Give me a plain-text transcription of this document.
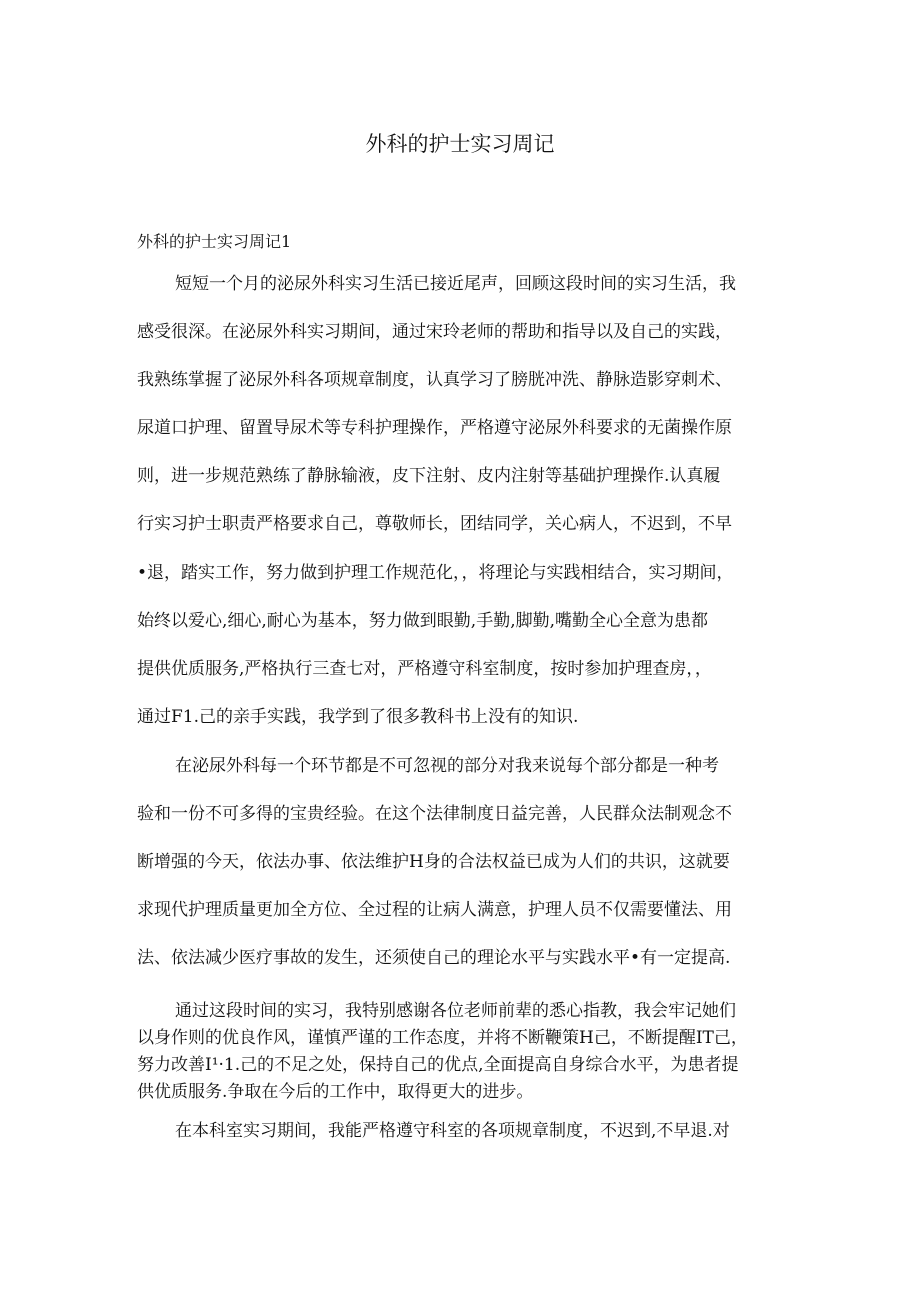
外科的护士实习周记
外科的护士实习周记1
短短一个月的泌尿外科实习生活已接近尾声，回顾这段时间的实习生活，我
感受很深。在泌尿外科实习期间，通过宋玲老师的帮助和指导以及自己的实践，
我熟练掌握了泌尿外科各项规章制度，认真学习了膀胱冲洗、静脉造影穿刺术、
尿道口护理、留置导尿术等专科护理操作，严格遵守泌尿外科要求的无菌操作原
则，进一步规范熟练了静脉输液，皮下注射、皮内注射等基础护理操作.认真履
行实习护士职责严格要求自己，尊敬师长，团结同学，关心病人，不迟到，不早
•退，踏实工作，努力做到护理工作规范化，，将理论与实践相结合，实习期间，
始终以爱心,细心,耐心为基本，努力做到眼勤,手勤,脚勤,嘴勤全心全意为患都
提供优质服务,严格执行三查七对，严格遵守科室制度，按时参加护理查房，，
通过F1.己的亲手实践，我学到了很多教科书上没有的知识.
在泌尿外科每一个环节都是不可忽视的部分对我来说每个部分都是一种考
验和一份不可多得的宝贵经验。在这个法律制度日益完善，人民群众法制观念不
断增强的今天，依法办事、依法维护H身的合法权益已成为人们的共识，这就要
求现代护理质量更加全方位、全过程的让病人满意，护理人员不仅需要懂法、用
法、依法减少医疗事故的发生，还须使自己的理论水平与实践水平•有一定提高.
通过这段时间的实习，我特别感谢各位老师前辈的悉心指教，我会牢记她们
以身作则的优良作风，谨慎严谨的工作态度，并将不断鞭策H己，不断提醒IT己，
努力改善I¹·1.己的不足之处，保持自己的优点,全面提高自身综合水平，为患者提
供优质服务.争取在今后的工作中，取得更大的进步。
在本科室实习期间，我能严格遵守科室的各项规章制度，不迟到,不早退.对
